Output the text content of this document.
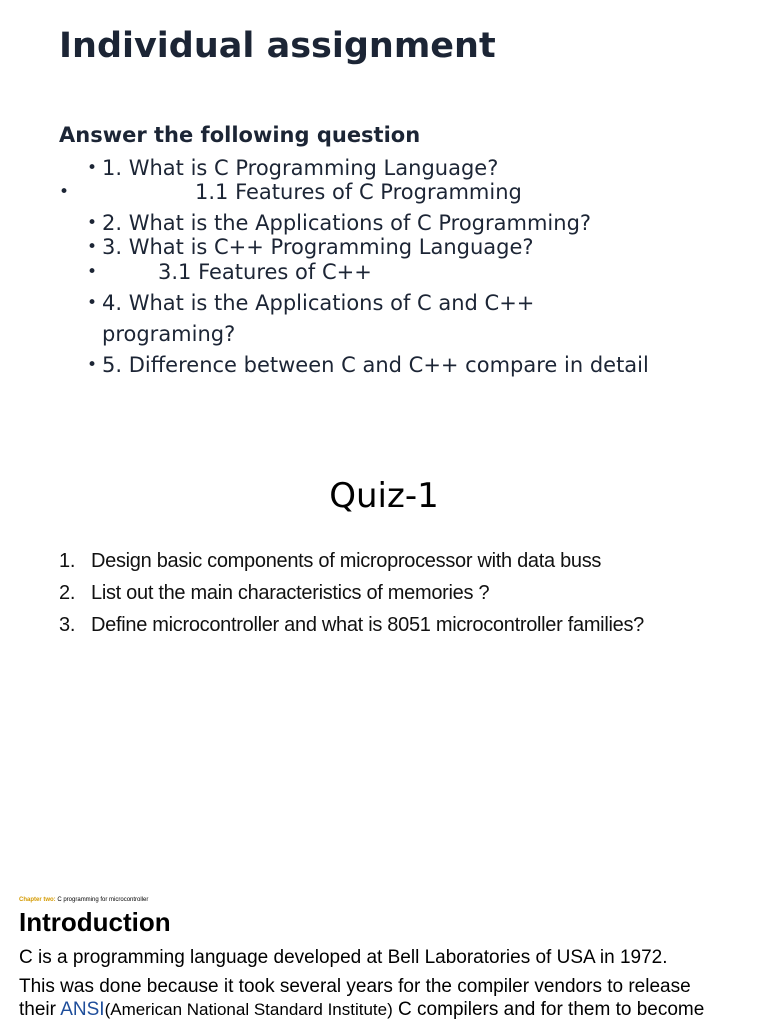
Individual assignment
Answer the following question
• 1. What is C Programming Language?
•	1.1 Features of C Programming
• 2. What is the Applications of C Programming?
• 3. What is C++ Programming Language?
•	3.1 Features of C++
• 4. What is the Applications of C and C++
programing?
• 5. Difference between C and C++ compare in detail
Quiz-1
1. Design basic components of microprocessor with data buss
2. List out the main characteristics of memories ?
3. Define microcontroller and what is 8051 microcontroller families?
Chapter two: C programming for microcontroller
Introduction
C is a programming language developed at Bell Laboratories of USA in 1972.
This was done because it took several years for the compiler vendors to release
their ANSI(American National Standard Institute) C compilers and for them to become
